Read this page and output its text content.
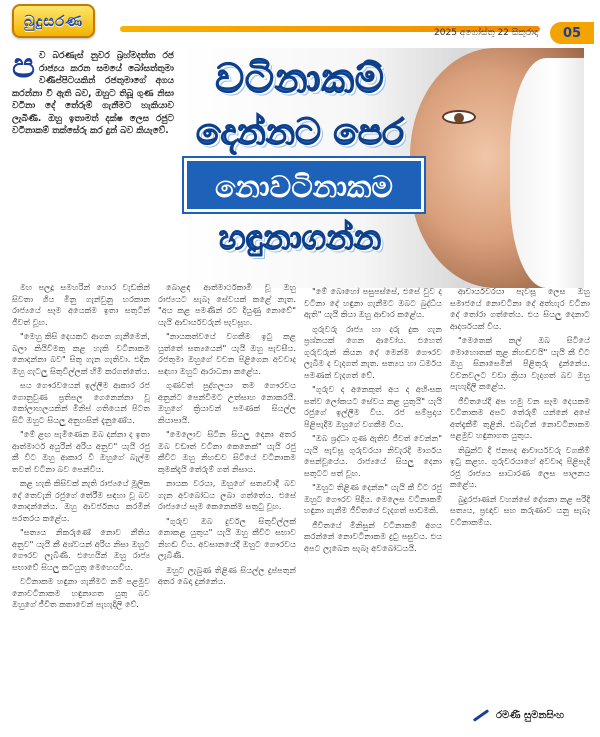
බුදුසරණ
2025 අගෝස්තු 22 සිකුරාදා	05
වටිනාකම්
දෙන්නට පෙර
නොවටිනාකම
හඳුනාගන්න
ප ව බරණැස් නුවර බ්‍රහ්මදත්ත රජ රාජ්‍යය කරන සමයේ බෝසත්තුමා වණිප්පිටයකින් රජතුමාගේ අගය කරන්නා වී ඇති බව, ඔහුට තිබූ ගුණ නිසා වටිනා දේ තේරුම් ගැනීමට හැකියාව ලැබිණි. ඔහු ඉතාමත් දක්ෂ ලෙස රජුට වටිනාකම් තක්සේරු කර දුන් බව කියැවේ.

මහ පලදූ සමහරින් හොර වැඩකින් සිවතා ගිය මිනු ගැන්වුනු හරකාන රාජ්‍යයේ සෑම අයෙක්ම ඉතා සතුටින් ජීවත් වූහ.

"මෙහු කිසි දෙයකට ආගන ගැනීමෙන්, බලා කියිවීමකු කළ හැකි වටිනාකම නොදන්නා බව" සිතූ ගැන ගැතිවා. එදින ඔහු ගැටලු සිතුවිල්ලක් හිමි කරගත්තේය.

සය ගෞරවයෙන් ඉල්ලීම ආකාර රජ ගොනුවුණ ප්‍රතිපල ගෙනෙන්නා වූ කෝලාහලයකින් මිනිස් ගතියෙන් පිටත සිටි ඔහුට සියලු අනුහසින් දැනුණේය.

"මේ ළඟ පැමිණෙන ඔබ දන්නා ද ඉතා ආත්මාර්ථ අයුරින් අරිය අනුව" යැයි රජු කී විට ඔහු ආකාර වී ඔහුගේ බැල්ම තවත් වටිනා බව පෙන්වීය.

කළ හැකි කිසිවක් නැති රාජ්‍යයේ මූලික දේ තෙවැනි රජුගේ තේරීම සඳහා වූ බව නොදන්නේය. ඔහු ආවර්ජනය කරමින් පරතරය කළේය.

"සත්‍යය නිකරුණේ නොව නීතිය අනුව" යැයි කී අශ්වයන් අරිය නිසා ඔහුට ගෞරව ලැබිණි. එහෙයින් ඔහු රාජ්‍ය සභාවේ සියලු කටයුතු මෙහෙයවීය.

වටිනාකම හඳුනා ගැනීමට නම් පළමුව නොවටිනාකම හඳුනාගත යුතු බව ඔහුගේ ජීවිත කතාවෙන් පැහැදිලි වේ.

බොළඳ ආත්මාර්ථකාමී වූ ඔහු රාජ්‍යයට සැබෑ සේවයක් කළේ නැත. "අය කළ පමණින් රට දියුණු නොවේ" යැයි ආචාර්යවරුන් පැවසූහ.

"නායකත්වයේ වගකීම ඉටු කළ යුත්තේ සත්‍යයෙන්" යැයි ඔහු පැවසීය. රජතුමා ඔහුගේ වචන පිළිගෙන අවවාද සඳහා ඔහුට ආරාධනා කළේය.

ගුණවත් පුද්ගලයා තම ගෞරවය අනුන්ට පෙන්වීමට උත්සාහ නොකරයි. ඔහුගේ ක්‍රියාවන් පමණක් සියල්ල කියාපායි.

"මෙලොව සිටින සියලු දෙනා අතර ඔබ වඩාත් වටිනා කෙනෙක්" යැයි රජු කීවිට ඔහු නිහඬව සිටියේ වටිනාකම කුමක්දැයි තේරුම් ගත් නිසාය.

නායක වරයා, ඔහුගේ සත්‍යවාදී බව ගැන අවබෝධය ලබා ගත්තේය. එසේ රාජ්‍යයේ සෑම කෙනෙක්ම සතුටු වූහ.

"ගුරුව ඔබ දුර්වල සිතුවිල්ලක් නොකළ යුතුය" යැයි ඔහු කීවිට සභාව නිහඬ විය. අවසානයේදී ඔහුට ගෞරවය ලැබිණි.

ඔහුට ලැබුණ තිළිණ සියල්ල දුප්පතුන් අතර බෙදා දුන්නේය.

"මේ බොහෝ පසුපස්සේ, එසේ වුව ද වටිනා දේ හඳුනා ගැනීමට ඔබට බුද්ධිය ඇති" යැයි කියා ඔහු ආචාර කළේය.

ගුරුවරු රාජ්‍ය හා දරු දුක ගැන ප්‍රශ්නයක් ගෙන ආවෝය. එහෙත් ගුරුවරුන් කියන දේ මෙන්ම ගෞරව ලැබීම ද වැදගත් නැත. සත්‍යය හා ධර්මය පමණක් වැදගත් වේ.

"ගුරුව ද අනෙකුත් අය ද අහිංසක සත්ව ලෝකයට සේවය කළ යුතුයි" යැයි රජුගේ ඉල්ලීම විය. රජ සම්ප්‍රදාය පිළිපැදීම ඔහුගේ වගකීම විය.

"ඔබ ශ්‍රද්ධා ගුණ ඇතිව ජීවත් වෙන්න" යැයි පැවසූ ගුරුවරයා නිවැරදි මාර්ගය පෙන්වූයේය. රාජ්‍යයේ සියලු දෙනා සතුටට පත් වූහ.

"ඔහුට තිළිණ දෙන්න" යැයි කී විට රජු ඔහුට ගෞරව පිදීය. මෙලෙස වටිනාකම් හඳුනා ගැනීම ජීවිතයේ වැදගත් පාඩමකි.

ජීවිතයේ මිනිසුන් වටිනාකම් අගය කරන්නේ නොවටිනාකම දුටු පසුවය. එය අපට ලැබෙන සැබෑ අවබෝධයයි.

ආචාර්යවරයා පැවසූ ලෙස ඔහු සමාජයේ නොවටිනා දේ අත්හැර වටිනා දේ තෝරා ගත්තේය. එය සියලු දෙනාට ආදර්ශයක් විය.

"මෙතෙක් කල් ඔබ සිටියේ මොහොතක් තුළ නිහඬවයි" යැයි කී විට ඔහු සිනාසෙමින් පිළිතුරු දුන්නේය. වචනවලට වඩා ක්‍රියා වැදගත් බව ඔහු පැහැදිලි කළේය.

ජීවිතයේදී අප හමු වන සෑම දෙයකම වටිනාකම අපට තේරුම් යන්නේ අපේ අත්දැකීම් තුළිනි. එබැවින් නොවටිනාකම පළමුව හඳුනාගත යුතුය.

තිඛුන්ට දී ජනපද ආචාර්යවරු වගකීම් ඉටු කළහ. ගුරුවරයාගේ අවවාද පිළිපැදි රජු රාජ්‍යය සාධාරණ ලෙස පාලනය කළේය.

බුදුරජාණන් වහන්සේ දේශනා කළ පරිදි සත්‍යය, ප්‍රඥාව සහ කරුණාව යනු සැබෑ වටිනාකම්ය.

රමණී සුමනසිංහ
